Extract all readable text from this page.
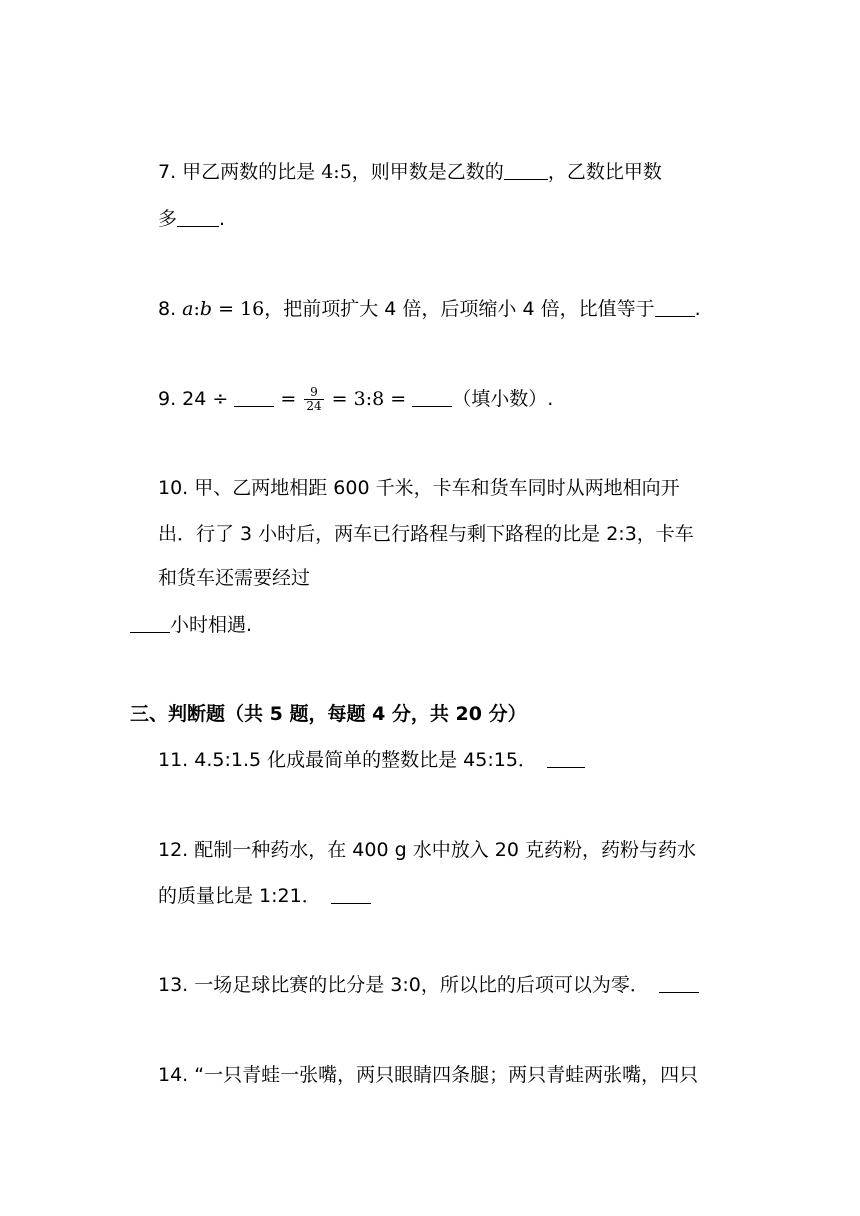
7. 甲乙两数的比是 4:5，则甲数是乙数的 ，乙数比甲数
多 .
8. a:b = 16，把前项扩大 4 倍，后项缩小 4 倍，比值等于 .
9. 24 ÷  = $\frac{9}{24}$ = 3:8 = （填小数）.
10. 甲、乙两地相距 600 千米，卡车和货车同时从两地相向开
出．行了 3 小时后，两车已行路程与剩下路程的比是 2:3，卡车
和货车还需要经过
小时相遇.
三、判断题（共 5 题，每题 4 分，共 20 分）
11. 4.5:1.5 化成最简单的整数比是 45:15．
12. 配制一种药水，在 400 g 水中放入 20 克药粉，药粉与药水
的质量比是 1:21．
13. 一场足球比赛的比分是 3:0，所以比的后项可以为零．
14. “一只青蛙一张嘴，两只眼睛四条腿；两只青蛙两张嘴，四只
